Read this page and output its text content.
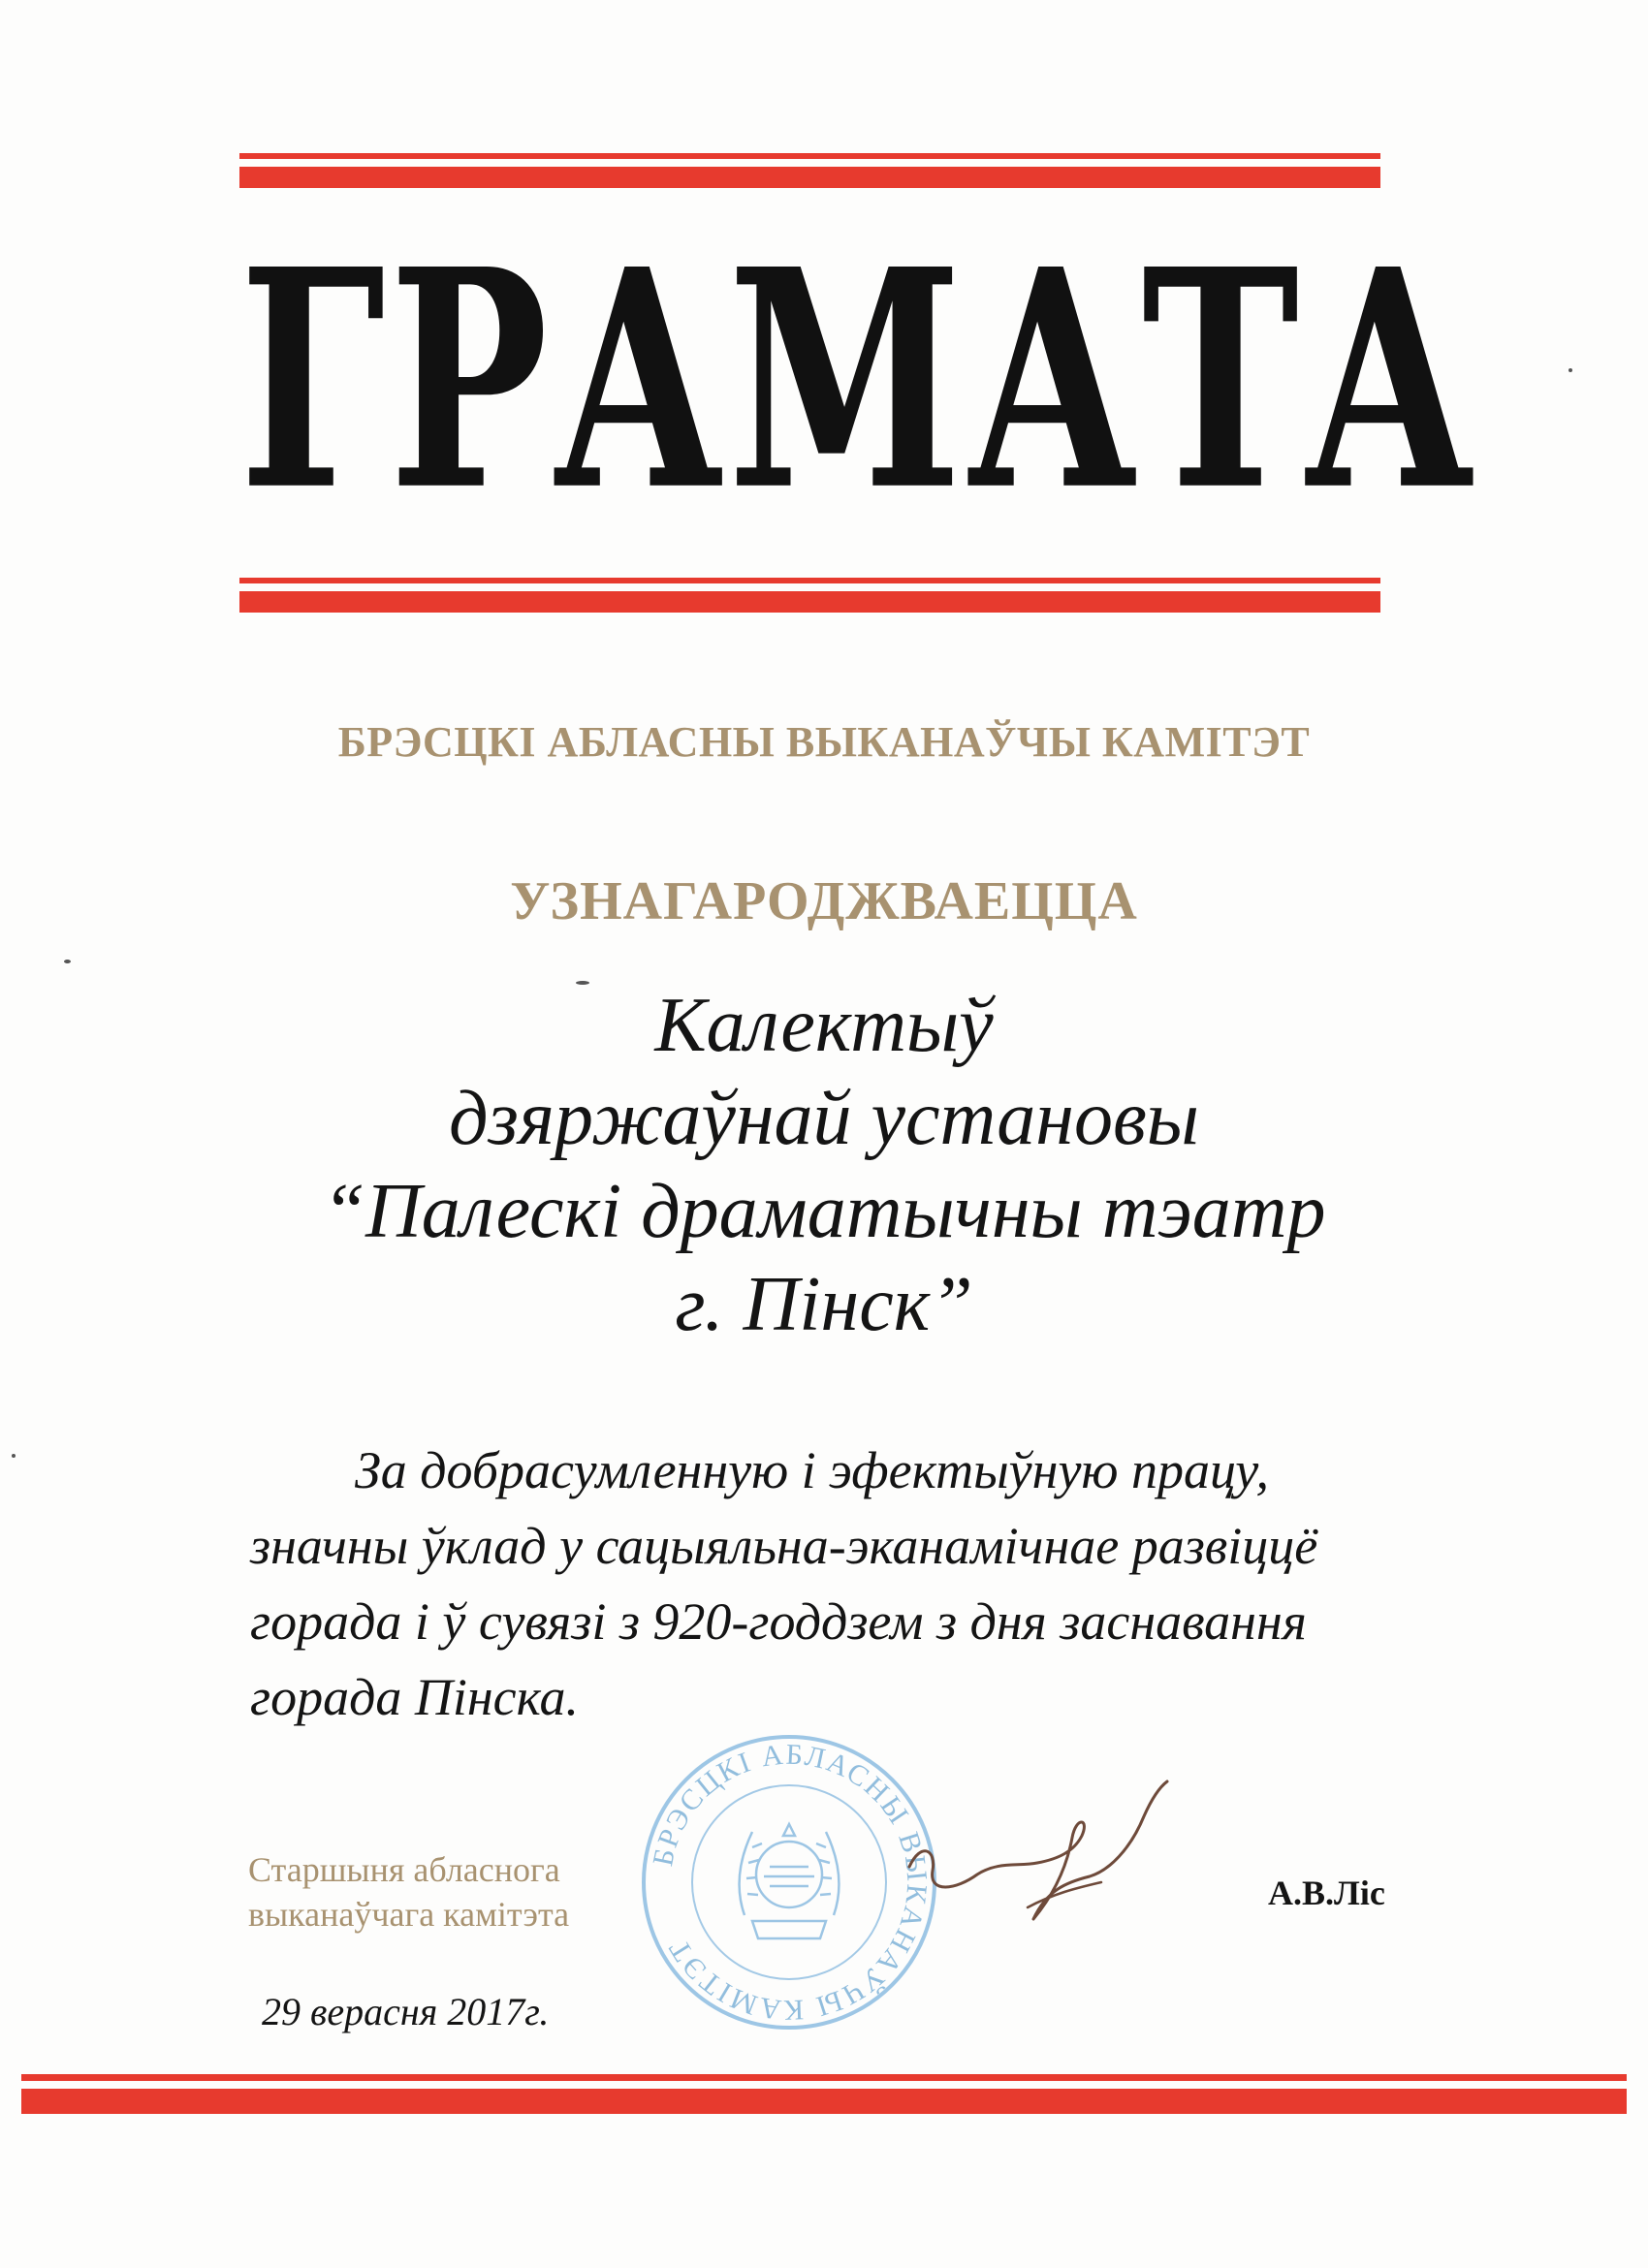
ГРАМАТА
БРЭСЦКІ АБЛАСНЫ ВЫКАНАЎЧЫ КАМІТЭТ
УЗНАГАРОДЖВАЕЦЦА
Калектыў
дзяржаўнай установы
“Палескі драматычны тэатр
г. Пінск”
За добрасумленную і эфектыўную працу,
значны ўклад у сацыяльна-эканамічнае развіццё
горада і ў сувязі з 920-годдзем з дня заснавання
горада Пінска.
Старшыня абласнога
выканаўчага камітэта
БРЭСЦКІ АБЛАСНЫ ВЫКАНАЎЧЫ КАМІТЭТ
А.В.Ліс
29 верасня 2017г.
